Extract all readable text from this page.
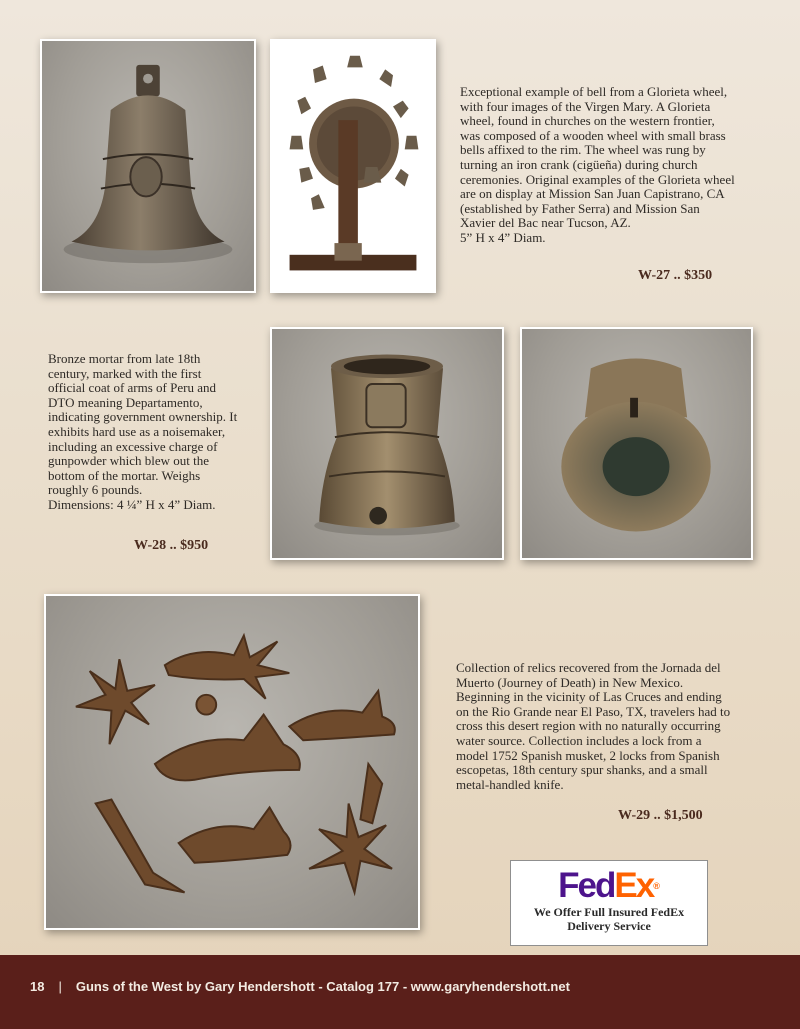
Exceptional example of bell from a Glorieta wheel,

with four images of the Virgen Mary. A Glorieta

wheel, found in churches on the western frontier,

was composed of a wooden wheel with small brass

bells affixed to the rim. The wheel was rung by

turning an iron crank (cigüeña) during church

ceremonies. Original examples of the Glorieta wheel

are on display at Mission San Juan Capistrano, CA

(established by Father Serra) and Mission San

Xavier del Bac near Tucson, AZ.

5” H x 4” Diam.

W-27 .. $350

Bronze mortar from late 18th

century, marked with the first

official coat of arms of Peru and

DTO meaning Departamento,

indicating government ownership. It

exhibits hard use as a noisemaker,

including an excessive charge of

gunpowder which blew out the

bottom of the mortar. Weighs

roughly 6 pounds.

Dimensions: 4 ¼” H x 4” Diam.

W-28 .. $950

Collection of relics recovered from the Jornada del

Muerto (Journey of Death) in New Mexico.

Beginning in the vicinity of Las Cruces and ending

on the Rio Grande near El Paso, TX, travelers had to

cross this desert region with no naturally occurring

water source. Collection includes a lock from a

model 1752 Spanish musket, 2 locks from Spanish

escopetas, 18th century spur shanks, and a small

metal-handled knife.

W-29 .. $1,500
FedEx®
We Offer Full Insured FedEx
Delivery Service
18 | Guns of the West by Gary Hendershott - Catalog 177 - www.garyhendershott.net
